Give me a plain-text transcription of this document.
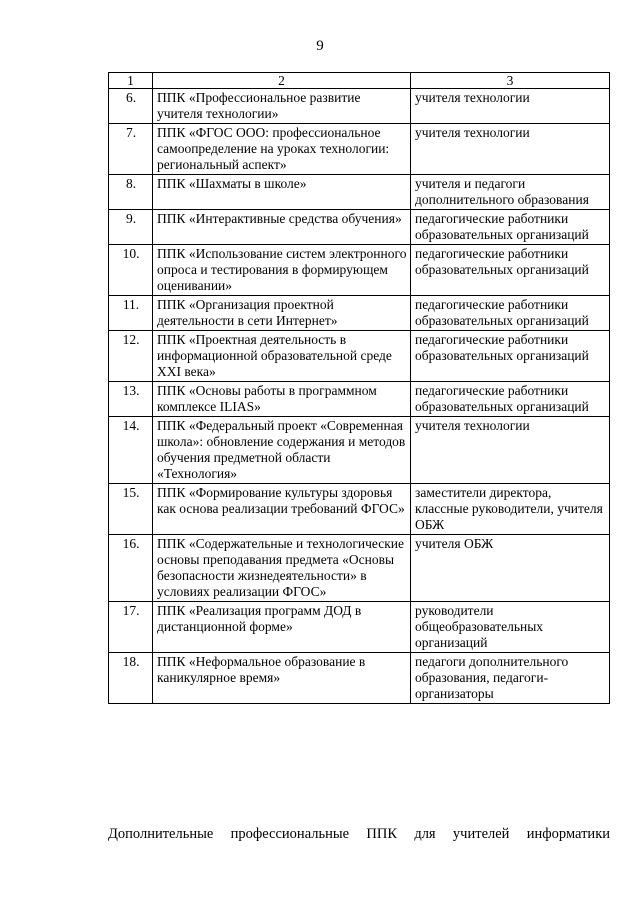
9
1	2	3
6.	ППК «Профессиональное развитие учителя технологии»	учителя технологии
7.	ППК «ФГОС ООО: профессиональное самоопределение на уроках технологии: региональный аспект»	учителя технологии
8.	ППК «Шахматы в школе»	учителя и педагоги дополнительного образования
9.	ППК «Интерактивные средства обучения»	педагогические работники образовательных организаций
10.	ППК «Использование систем электронного опроса и тестирования в формирующем оценивании»	педагогические работники образовательных организаций
11.	ППК «Организация проектной деятельности в сети Интернет»	педагогические работники образовательных организаций
12.	ППК «Проектная деятельность в информационной образовательной среде XXI века»	педагогические работники образовательных организаций
13.	ППК «Основы работы в программном комплексе ILIAS»	педагогические работники образовательных организаций
14.	ППК «Федеральный проект «Современная школа»: обновление содержания и методов обучения предметной области «Технология»	учителя технологии
15.	ППК «Формирование культуры здоровья как основа реализации требований ФГОС»	заместители директора, классные руководители, учителя ОБЖ
16.	ППК «Содержательные и технологические основы преподавания предмета «Основы безопасности жизнедеятельности» в условиях реализации ФГОС»	учителя ОБЖ
17.	ППК «Реализация программ ДОД в дистанционной форме»	руководители общеобразовательных организаций
18.	ППК «Неформальное образование в каникулярное время»	педагоги дополнительного образования, педагоги-организаторы
Дополнительные профессиональные ППК для учителей информатики
